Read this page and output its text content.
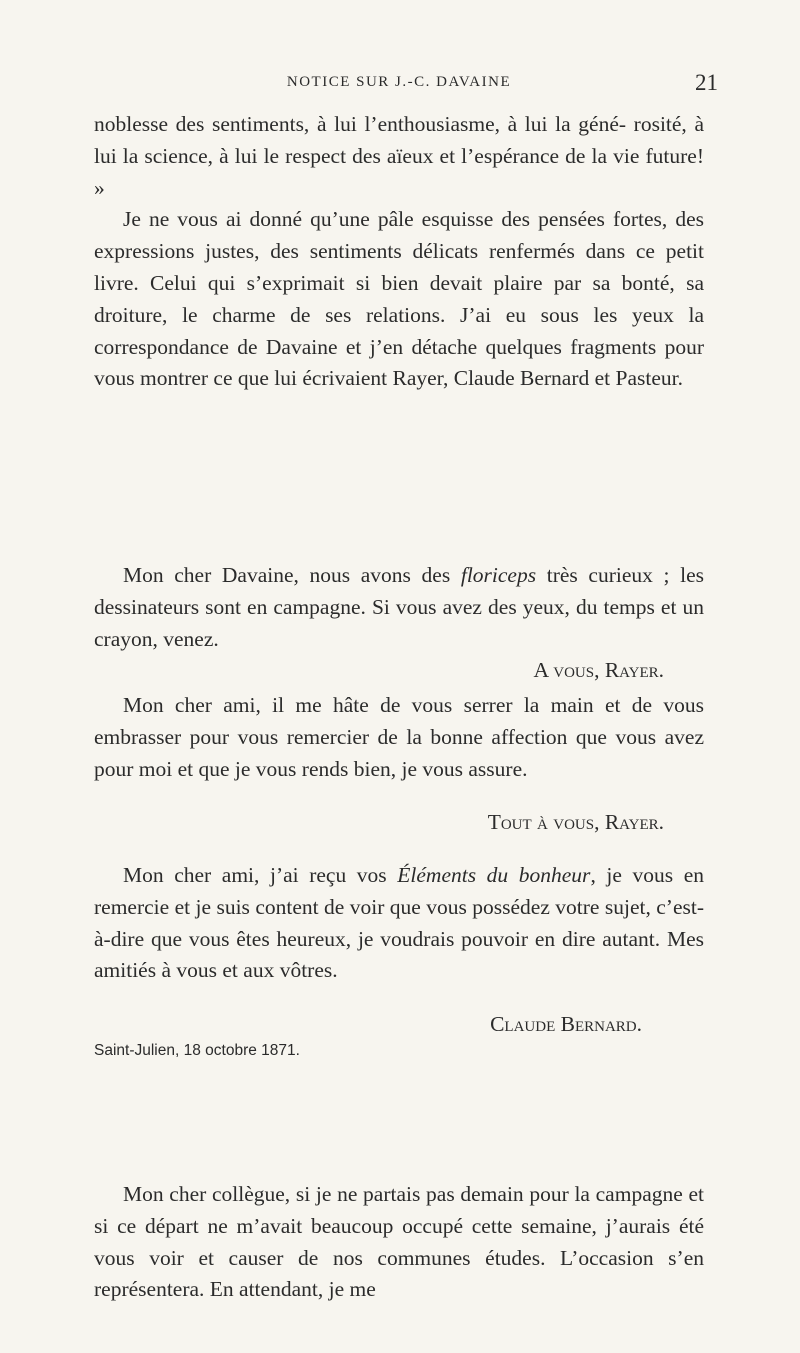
NOTICE SUR J.-C. DAVAINE	21

noblesse des sentiments, à lui l’enthousiasme, à lui la géné- rosité, à lui la science, à lui le respect des aïeux et l’espérance de la vie future! »

Je ne vous ai donné qu’une pâle esquisse des pensées fortes, des expressions justes, des sentiments délicats renfermés dans ce petit livre. Celui qui s’exprimait si bien devait plaire par sa bonté, sa droiture, le charme de ses relations. J’ai eu sous les yeux la correspondance de Davaine et j’en détache quelques fragments pour vous montrer ce que lui écrivaient Rayer, Claude Bernard et Pasteur.

Mon cher Davaine, nous avons des floriceps très curieux ; les dessinateurs sont en campagne. Si vous avez des yeux, du temps et un crayon, venez.

A vous, Rayer.

Mon cher ami, il me hâte de vous serrer la main et de vous embrasser pour vous remercier de la bonne affection que vous avez pour moi et que je vous rends bien, je vous assure.

Tout à vous, Rayer.

Mon cher ami, j’ai reçu vos Éléments du bonheur, je vous en remercie et je suis content de voir que vous possédez votre sujet, c’est-à-dire que vous êtes heureux, je voudrais pouvoir en dire autant. Mes amitiés à vous et aux vôtres.

Claude Bernard.

Saint-Julien, 18 octobre 1871.

Mon cher collègue, si je ne partais pas demain pour la campagne et si ce départ ne m’avait beaucoup occupé cette semaine, j’aurais été vous voir et causer de nos communes études. L’occasion s’en représentera. En attendant, je me
